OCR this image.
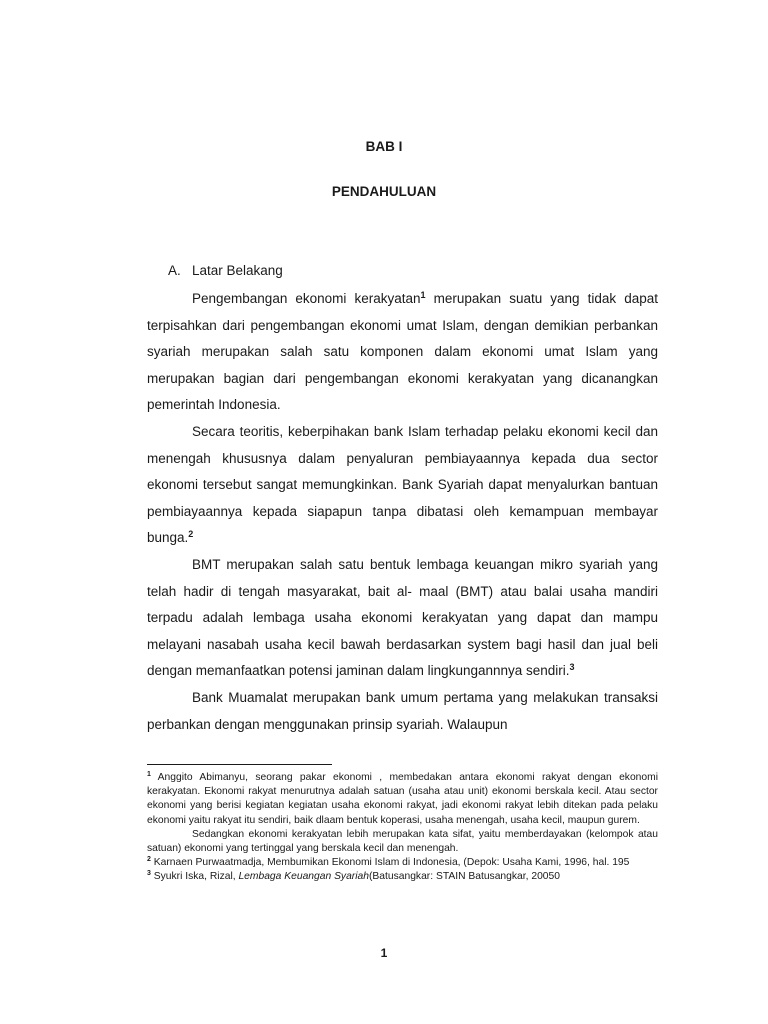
BAB I
PENDAHULUAN
A. Latar Belakang

Pengembangan ekonomi kerakyatan$^1$ merupakan suatu yang tidak dapat terpisahkan dari pengembangan ekonomi umat Islam, dengan demikian perbankan syariah merupakan salah satu komponen dalam ekonomi umat Islam yang merupakan bagian dari pengembangan ekonomi kerakyatan yang dicanangkan pemerintah Indonesia.

Secara teoritis, keberpihakan bank Islam terhadap pelaku ekonomi kecil dan menengah khususnya dalam penyaluran pembiayaannya kepada dua sector ekonomi tersebut sangat memungkinkan. Bank Syariah dapat menyalurkan bantuan pembiayaannya kepada siapapun tanpa dibatasi oleh kemampuan membayar bunga.$^2$

BMT merupakan salah satu bentuk lembaga keuangan mikro syariah yang telah hadir di tengah masyarakat, bait al- maal (BMT) atau balai usaha mandiri terpadu adalah lembaga usaha ekonomi kerakyatan yang dapat dan mampu melayani nasabah usaha kecil bawah berdasarkan system bagi hasil dan jual beli dengan memanfaatkan potensi jaminan dalam lingkungannnya sendiri.$^3$

Bank Muamalat merupakan bank umum pertama yang melakukan transaksi perbankan dengan menggunakan prinsip syariah. Walaupun

$^1$ Anggito Abimanyu, seorang pakar ekonomi , membedakan antara ekonomi rakyat dengan ekonomi kerakyatan. Ekonomi rakyat menurutnya adalah satuan (usaha atau unit) ekonomi berskala kecil. Atau sector ekonomi yang berisi kegiatan kegiatan usaha ekonomi rakyat, jadi ekonomi rakyat lebih ditekan pada pelaku ekonomi yaitu rakyat itu sendiri, baik dlaam bentuk koperasi, usaha menengah, usaha kecil, maupun gurem.

Sedangkan ekonomi kerakyatan lebih merupakan kata sifat, yaitu memberdayakan (kelompok atau satuan) ekonomi yang tertinggal yang berskala kecil dan menengah.

$^2$ Karnaen Purwaatmadja, Membumikan Ekonomi Islam di Indonesia, (Depok: Usaha Kami, 1996, hal. 195

$^3$ Syukri Iska, Rizal, Lembaga Keuangan Syariah(Batusangkar: STAIN Batusangkar, 20050

1
